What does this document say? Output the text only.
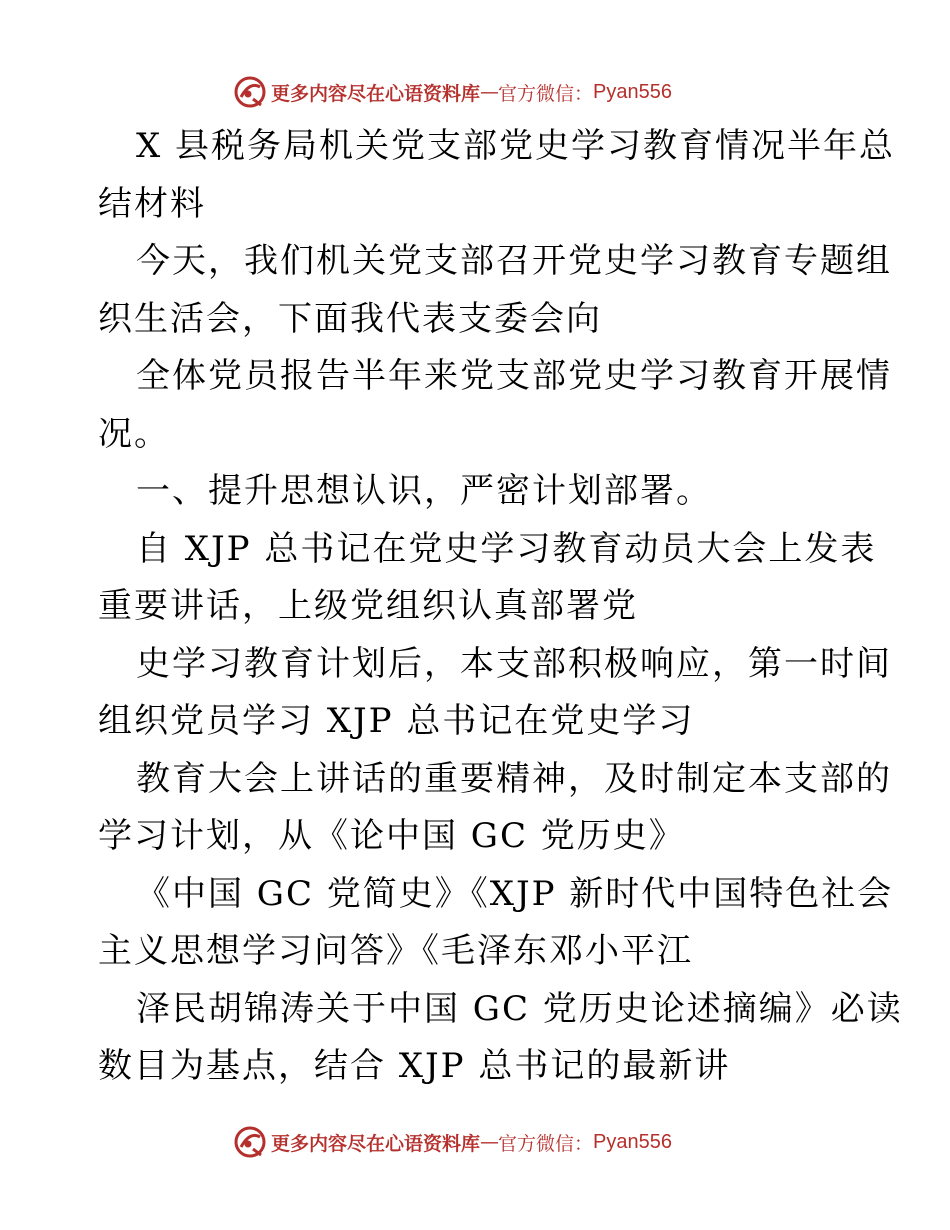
更多内容尽在心语资料库 — 官方微信： Pyan556

X 县税务局机关党支部党史学习教育情况半年总
结材料

今天，我们机关党支部召开党史学习教育专题组
织生活会，下面我代表支委会向

全体党员报告半年来党支部党史学习教育开展情
况。

一、提升思想认识，严密计划部署。

自 XJP 总书记在党史学习教育动员大会上发表
重要讲话，上级党组织认真部署党

史学习教育计划后，本支部积极响应，第一时间
组织党员学习 XJP 总书记在党史学习

教育大会上讲话的重要精神，及时制定本支部的
学习计划，从《论中国 GC 党历史》

《中国 GC 党简史》《XJP 新时代中国特色社会
主义思想学习问答》《毛泽东邓小平江

泽民胡锦涛关于中国 GC 党历史论述摘编》必读
数目为基点，结合 XJP 总书记的最新讲

更多内容尽在心语资料库 — 官方微信： Pyan556
